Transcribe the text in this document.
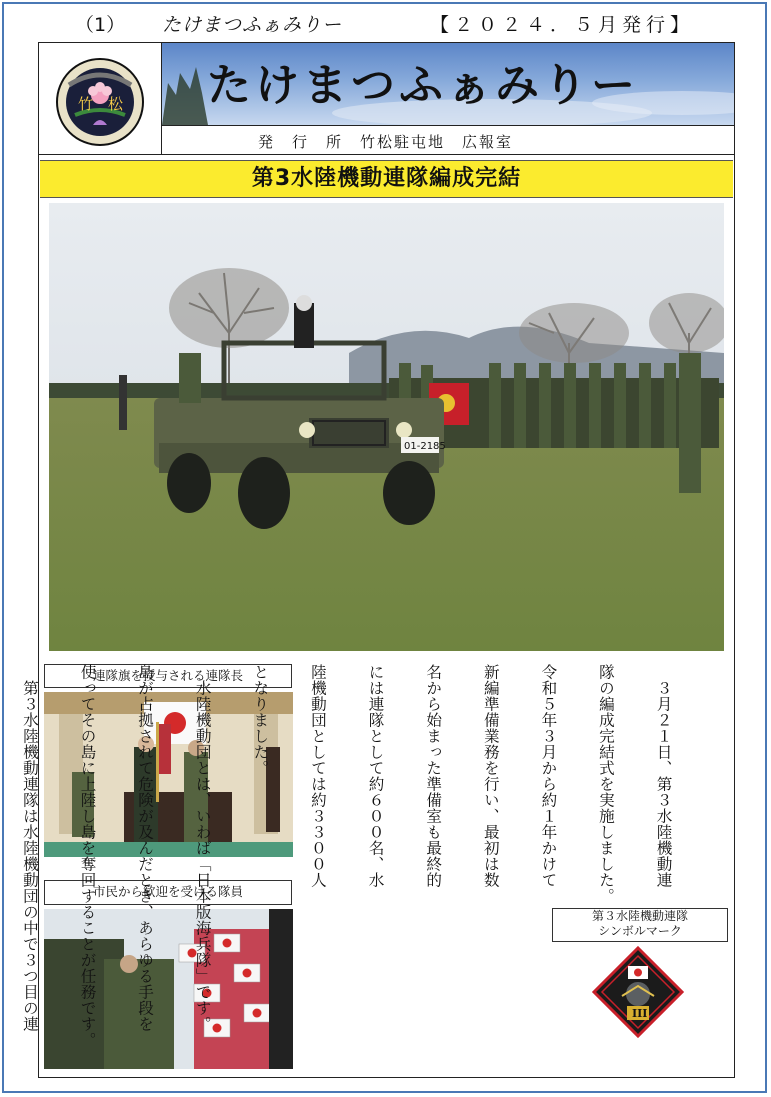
（1） たけまつふぁみりー	【２０２４．５月発行】
竹 松 たけまつふぁみりー
発　行　所　竹松駐屯地　広報室
第3水陸機動連隊編成完結
01-2185
連隊旗を授与される連隊長
市民から歓迎を受ける隊員

　３月２１日、第３水陸機動連

隊の編成完結式を実施しました。

令和５年３月から約１年かけて

新編準備業務を行い、最初は数

名から始まった準備室も最終的

には連隊として約６００名、水

陸機動団としては約３３００人

となりました。

　水陸機動団とは、いわば「日本版海兵隊」です。

島が占拠されて危険が及んだとき、あらゆる手段を

使ってその島に上陸し島を奪回することが任務です。

　第３水陸機動連隊は水陸機動団の中で３つ目の連

	第３水陸機動連隊
シンボルマーク
III
